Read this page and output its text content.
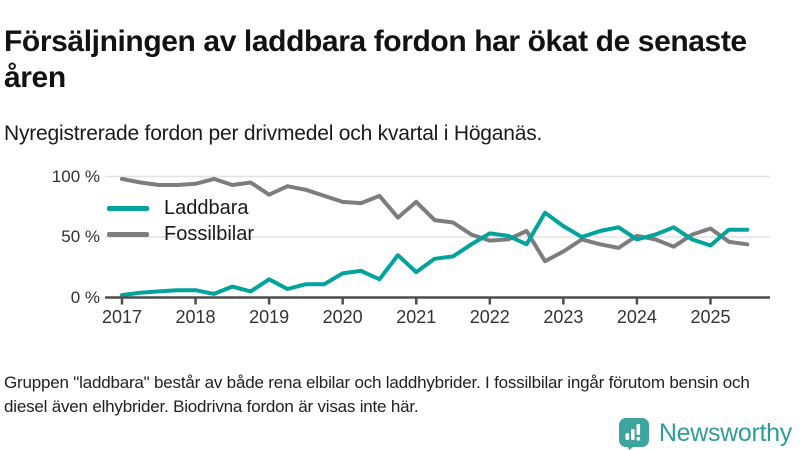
Försäljningen av laddbara fordon har ökat de senaste åren
Nyregistrerade fordon per drivmedel och kvartal i Höganäs.
100 %
50 %
0 %
2017	2018	2019	2020	2021	2022	2023	2024	2025
Laddbara
Fossilbilar
Gruppen "laddbara" består av både rena elbilar och laddhybrider. I fossilbilar ingår förutom bensin och diesel även elhybrider. Biodrivna fordon är visas inte här.
Newsworthy
